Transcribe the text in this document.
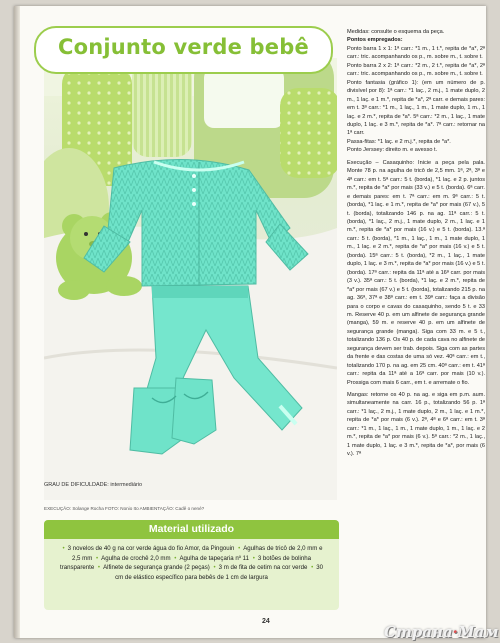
Conjunto verde bebê
GRAU DE DIFICULDADE: intermediário
EXECUÇÃO: Solange Rocha FOTO: Nonio Ito AMBIENTAÇÃO: Cadê o nené?
Material utilizado
• 3 novelos de 40 g na cor verde água do fio Amor, da Pingouin • Agulhas de tricô de 2,0 mm e 2,5 mm • Agulha de crochê 2,0 mm • Agulha de tapeçaria nº 11 • 3 botões de bolinha transparente • Alfinete de segurança grande (2 peças) • 3 m de fita de cetim na cor verde • 30 cm de elástico específico para bebês de 1 cm de largura

Medidas: consulte o esquema da peça.

Pontos empregados:

Ponto barra 1 x 1: 1ª carr.: *1 m., 1 t.*, repita de *a*, 2ª carr.: tric. acompanhando os p., m. sobre m., t. sobre t.

Ponto barra 2 x 2: 1ª carr.: *2 m., 2 t.*, repita de *a*, 2ª carr.: tric. acompanhando os p., m. sobre m., t. sobre t.

Ponto fantasia (gráfico 1): (em um número de p. divisível por 8): 1ª carr.: *1 laç., 2 m.j., 1 mate duplo, 2 m., 1 laç. e 1 m.*, repita de *a*, 2ª carr. e demais pares: em t. 3ª carr.: *1 m., 1 laç., 1 m., 1 mate duplo, 1 m., 1 laç. e 2 m.*, repita de *a*. 5ª carr.: *2 m., 1 laç., 1 mate duplo, 1 laç. e 3 m.*, repita de *a*. 7ª carr.: retornar na 1ª carr.

Passa-fitas: *1 laç. e 2 m.j.*, repita de *a*.

Ponto Jerssey: direito m. e avesso t.

Execução – Casaquinho: Inicie a peça pela pala. Monte 78 p. na agulha de tricô de 2,5 mm. 1ª, 2ª, 3ª e 4ª carr.: em t. 5ª carr.: 5 t. (borda), *1 laç. e 2 p. juntos m.*, repita de *a* por mais (33 v.) e 5 t. (borda). 6ª carr. e demais pares: em t. 7ª carr.: em m. 9ª carr.: 5 t. (borda), *1 laç. e 1 m.*, repita de *a* por mais (67 v.), 5 t. (borda), totalizando 146 p. na ag. 11ª carr.: 5 t. (borda), *1 laç., 2 m.j., 1 mate duplo, 2 m., 1 laç. e 1 m.*, repita de *a* por mais (16 v.) e 5 t. (borda). 13.ª carr.: 5 t. (borda), *1 m., 1 laç., 1 m., 1 mate duplo, 1 m., 1 laç. e 2 m.*, repita de *a* por mais (16 v.) e 5 t. (borda). 15ª carr.: 5 t. (borda), *2 m., 1 laç., 1 mate duplo, 1 laç. e 3 m.*, repita de *a* por mais (16 v.) e 5 t. (borda). 17ª carr.: repita da 11ª até a 16ª carr. por mais (3 v.). 35ª carr.: 5 t. (borda), *1 laç. e 2 m.*, repita de *a* por mais (67 v.) e 5 t. (borda), totalizando 215 p. na ag. 36ª, 37ª e 38ª carr.: em t. 39ª carr.: faça a divisão para o corpo e cavas do casaquinho, sendo 5 t. e 33 m. Reserve 40 p. em um alfinete de segurança grande (manga), 59 m. e reserve 40 p. em um alfinete de segurança grande (manga). Siga com 33 m. e 5 t., totalizando 136 p. Os 40 p. de cada cava no alfinete de segurança devem ser trab. depois. Siga com as partes da frente e das costas de uma só vez. 40ª carr.: em t., totalizando 170 p. na ag. em 25 cm. 40ª carr.: em t. 41ª carr.: repita da 11ª até a 16ª carr. por mais (10 v.). Prossiga com mais 6 carr., em t. e arremate o fio.

Mangas: retorne os 40 p. na ag. e siga em p.m. aum. simultaneamente na carr. 16 p., totalizando 56 p. 1ª carr.: *1 laç., 2 m.j., 1 mate duplo, 2 m., 1 laç. e 1 m.*, repita de *a* por mais (6 v.). 2ª, 4ª e 6ª carr.: em t. 3ª carr.: *1 m., 1 laç., 1 m., 1 mate duplo, 1 m., 1 laç. e 2 m.*, repita de *a* por mais (6 v.). 5ª carr.: *2 m., 1 laç., 1 mate duplo, 1 laç. e 3 m.*, repita de *a*, por mais (6 v.). 7ª

24
Страна·Мам
